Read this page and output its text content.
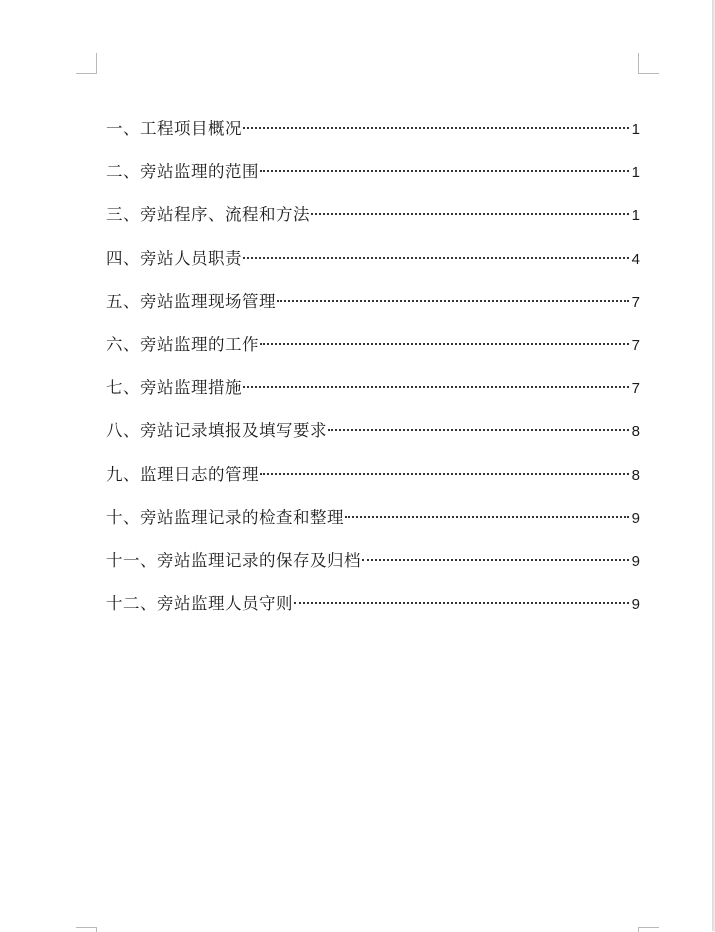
一、工程项目概况	1
二、旁站监理的范围	1
三、旁站程序、流程和方法	1
四、旁站人员职责	4
五、旁站监理现场管理	7
六、旁站监理的工作	7
七、旁站监理措施	7
八、旁站记录填报及填写要求	8
九、监理日志的管理	8
十、旁站监理记录的检查和整理	9
十一、旁站监理记录的保存及归档	9
十二、旁站监理人员守则	9
